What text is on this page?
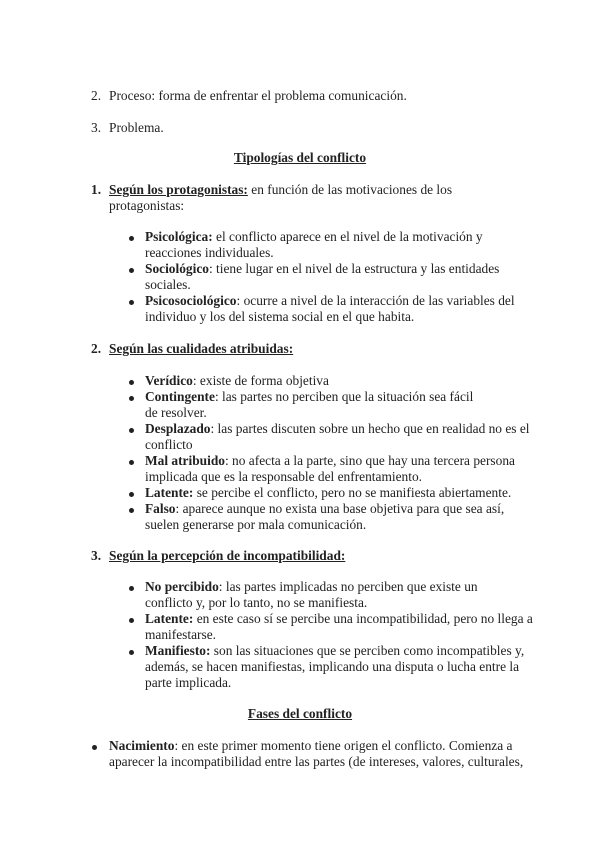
2. Proceso: forma de enfrentar el problema comunicación.
3. Problema.
Tipologías del conflicto
1. Según los protagonistas: en función de las motivaciones de los protagonistas:
Psicológica: el conflicto aparece en el nivel de la motivación y reacciones individuales.
Sociológico: tiene lugar en el nivel de la estructura y las entidades sociales.
Psicosociológico: ocurre a nivel de la interacción de las variables del individuo y los del sistema social en el que habita.
2. Según las cualidades atribuidas:
Verídico: existe de forma objetiva
Contingente: las partes no perciben que la situación sea fácil de resolver.
Desplazado: las partes discuten sobre un hecho que en realidad no es el conflicto
Mal atribuido: no afecta a la parte, sino que hay una tercera persona implicada que es la responsable del enfrentamiento.
Latente: se percibe el conflicto, pero no se manifiesta abiertamente.
Falso: aparece aunque no exista una base objetiva para que sea así, suelen generarse por mala comunicación.
3. Según la percepción de incompatibilidad:
No percibido: las partes implicadas no perciben que existe un conflicto y, por lo tanto, no se manifiesta.
Latente: en este caso sí se percibe una incompatibilidad, pero no llega a manifestarse.
Manifiesto: son las situaciones que se perciben como incompatibles y, además, se hacen manifiestas, implicando una disputa o lucha entre la parte implicada.
Fases del conflicto
Nacimiento: en este primer momento tiene origen el conflicto. Comienza a aparecer la incompatibilidad entre las partes (de intereses, valores, culturales,
